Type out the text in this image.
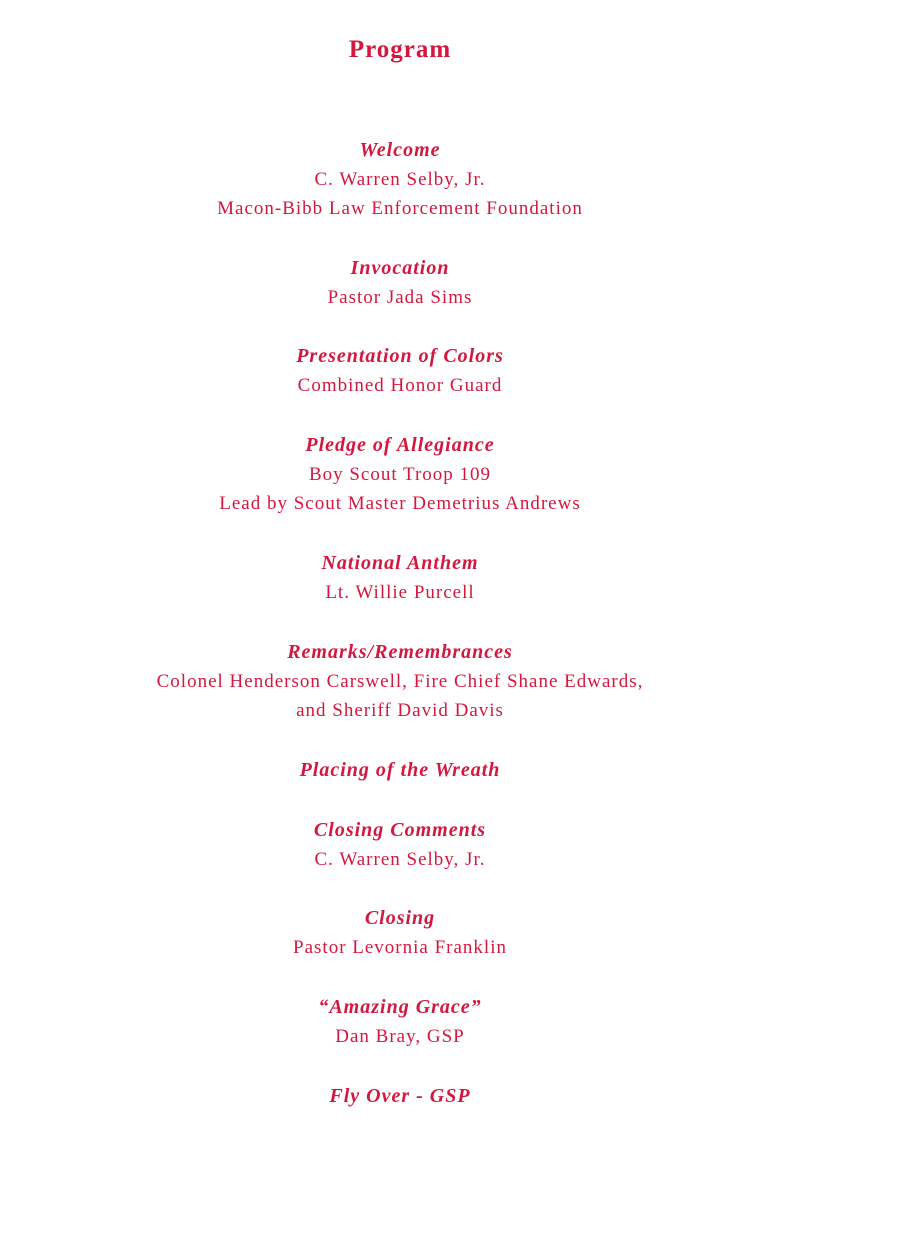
Program
Welcome
C. Warren Selby, Jr.
Macon-Bibb Law Enforcement Foundation
Invocation
Pastor Jada Sims
Presentation of Colors
Combined Honor Guard
Pledge of Allegiance
Boy Scout Troop 109
Lead by Scout Master Demetrius Andrews
National Anthem
Lt. Willie Purcell
Remarks/Remembrances
Colonel Henderson Carswell, Fire Chief Shane Edwards,
and Sheriff David Davis
Placing of the Wreath
Closing Comments
C. Warren Selby, Jr.
Closing
Pastor Levornia Franklin
“Amazing Grace”
Dan Bray, GSP
Fly Over - GSP
